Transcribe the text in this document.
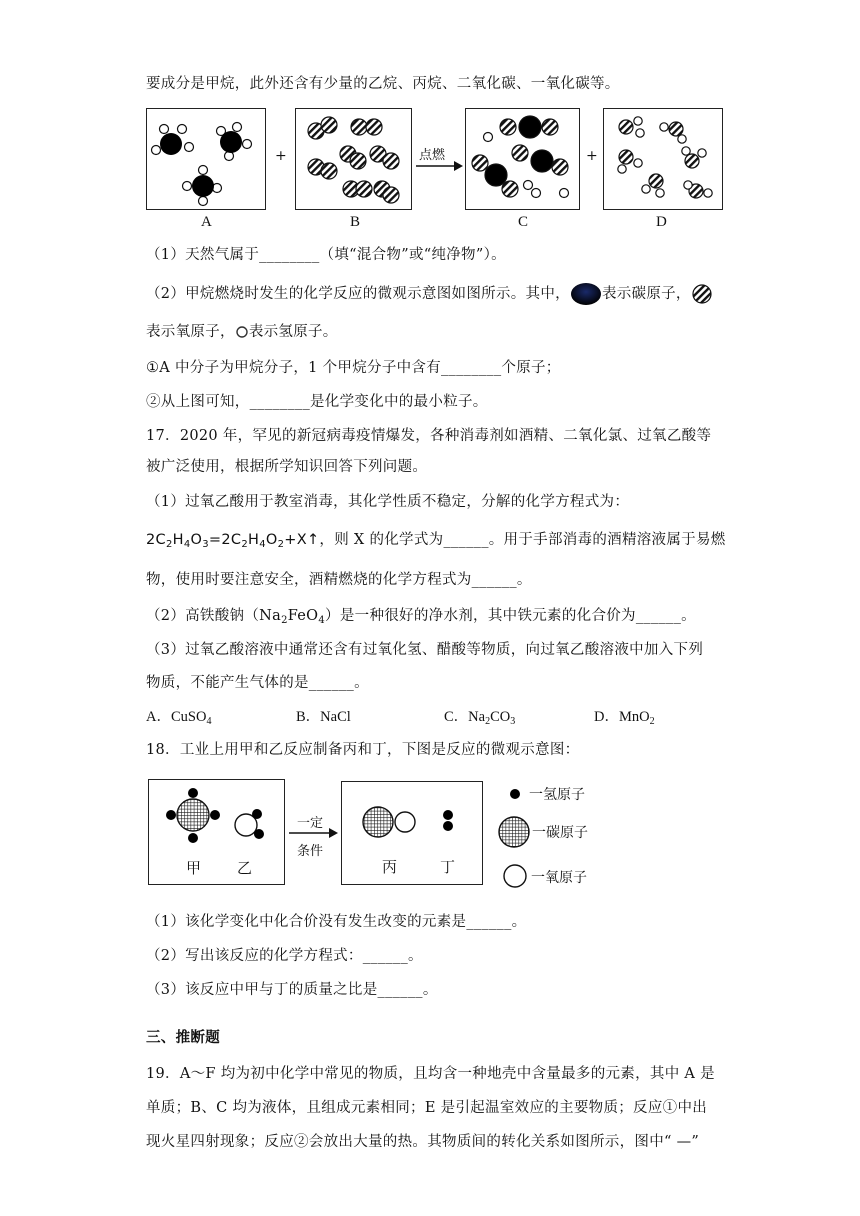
要成分是甲烷，此外还含有少量的乙烷、丙烷、二氧化碳、一氧化碳等。
A
+
B
点燃
C
+
D
（1）天然气属于________（填“混合物”或“纯净物”）。
（2）甲烷燃烧时发生的化学反应的微观示意图如图所示。其中， 表示碳原子，
表示氧原子， 表示氢原子。
①A 中分子为甲烷分子，1 个甲烷分子中含有________个原子；
②从上图可知，________是化学变化中的最小粒子。
17．2020 年，罕见的新冠病毒疫情爆发，各种消毒剂如酒精、二氧化氯、过氧乙酸等
被广泛使用，根据所学知识回答下列问题。
（1）过氧乙酸用于教室消毒，其化学性质不稳定，分解的化学方程式为：
$2C_2H_4O_3=2C_2H_4O_2+X↑$，则 X 的化学式为______。用于手部消毒的酒精溶液属于易燃
物，使用时要注意安全，酒精燃烧的化学方程式为______。
（2）高铁酸钠$(Na_2FeO_4)$是一种很好的净水剂，其中铁元素的化合价为______。
（3）过氧乙酸溶液中通常还含有过氧化氢、醋酸等物质，向过氧乙酸溶液中加入下列
物质，不能产生气体的是______。
A．CuSO$_4$	B．NaCl	C．$Na_2CO_3$	D．MnO$_2$
18．工业上用甲和乙反应制备丙和丁，下图是反应的微观示意图：
甲 乙
一定
条件
丙	丁
一氢原子
一碳原子
一氧原子
（1）该化学变化中化合价没有发生改变的元素是______。
（2）写出该反应的化学方程式：______。
（3）该反应中甲与丁的质量之比是______。
三、推断题
19．A～F 均为初中化学中常见的物质，且均含一种地壳中含量最多的元素，其中 A 是
单质；B、C 均为液体，且组成元素相同；E 是引起温室效应的主要物质；反应①中出
现火星四射现象；反应②会放出大量的热。其物质间的转化关系如图所示，图中“ —”
